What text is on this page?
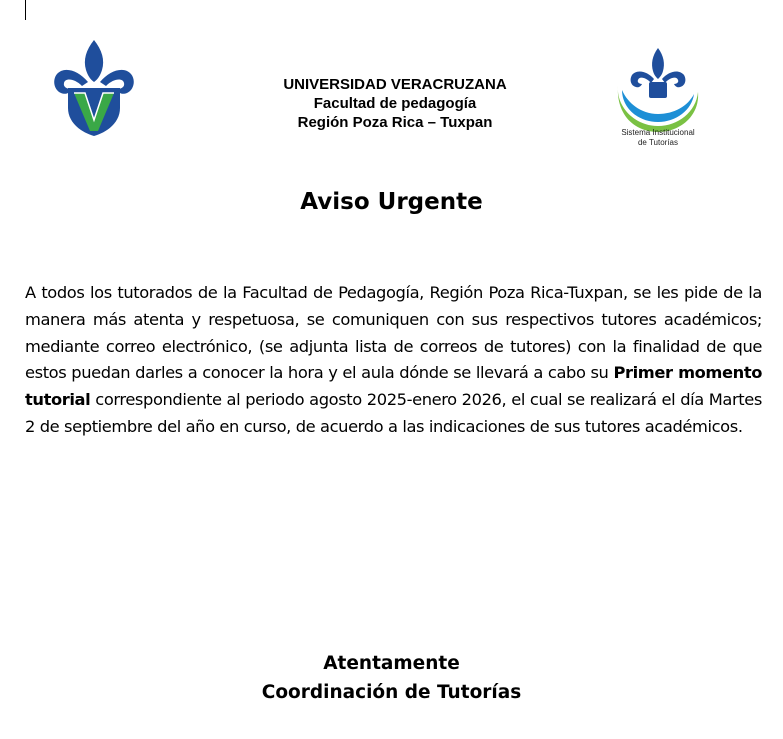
UNIVERSIDAD VERACRUZANA
Facultad de pedagogía
Región Poza Rica – Tuxpan
Sistema Institucional
de Tutorías
Aviso Urgente
A todos los tutorados de la Facultad de Pedagogía, Región Poza Rica-Tuxpan, se les pide de la manera más atenta y respetuosa, se comuniquen con sus respectivos tutores académicos; mediante correo electrónico, (se adjunta lista de correos de tutores) con la finalidad de que estos puedan darles a conocer la hora y el aula dónde se llevará a cabo su Primer momento tutorial correspondiente al periodo agosto 2025-enero 2026, el cual se realizará el día Martes 2 de septiembre del año en curso, de acuerdo a las indicaciones de sus tutores académicos.
Atentamente
Coordinación de Tutorías
